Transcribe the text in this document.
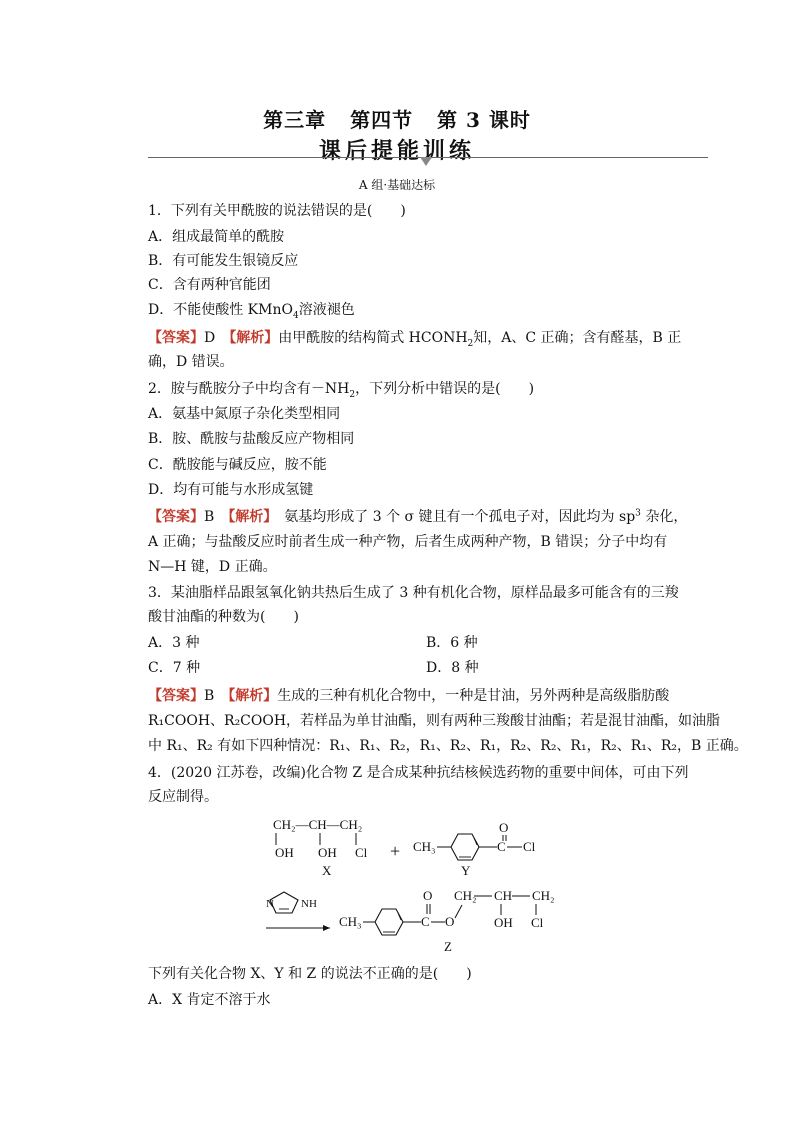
第三章 第四节 第 3 课时
课后提能训练
A 组·基础达标
1．下列有关甲酰胺的说法错误的是(　　)
A．组成最简单的酰胺
B．有可能发生银镜反应
C．含有两种官能团
D．不能使酸性 KMnO$_4$溶液褪色
【答案】D　 【解析】由甲酰胺的结构简式 $HCONH_2$知，A、C 正确；含有醛基，B 正
确，D 错误。
2．胺与酰胺分子中均含有$-NH_2$，下列分析中错误的是(　　)
A．氨基中氮原子杂化类型相同
B．胺、酰胺与盐酸反应产物相同
C．酰胺能与碱反应，胺不能
D．均有可能与水形成氢键
【答案】B　 【解析】　 氨基均形成了 3 个 σ 键且有一个孤电子对，因此均为 $sp^3$ 杂化，
A 正确；与盐酸反应时前者生成一种产物，后者生成两种产物，B 错误；分子中均有
N—H 键，D 正确。
3．某油脂样品跟氢氧化钠共热后生成了 3 种有机化合物，原样品最多可能含有的三羧
酸甘油酯的种数为(　　)
A．3 种	B．6 种
C．7 种	D．8 种
【答案】B　 【解析】生成的三种有机化合物中，一种是甘油，另外两种是高级脂肪酸
R₁COOH、R₂COOH，若样品为单甘油酯，则有两种三羧酸甘油酯；若是混甘油酯，如油脂
中 R₁、R₂ 有如下四种情况：R₁、R₁、R₂，R₁、R₂、R₁，R₂、R₂、R₁，R₂、R₁、R₂，B 正确。
4．(2020 江苏卷，改编)化合物 Z 是合成某种抗结核候选药物的重要中间体，可由下列
反应制得。
CH₂—CH—CH₂
OH OH Cl
X
+ CH₃	C
O
Cl
Y
N NH
CH₃	C
O
O
CH₂ CH CH₂
OH Cl
Z
下列有关化合物 X、Y 和 Z 的说法不正确的是(　　)
A．X 肯定不溶于水
